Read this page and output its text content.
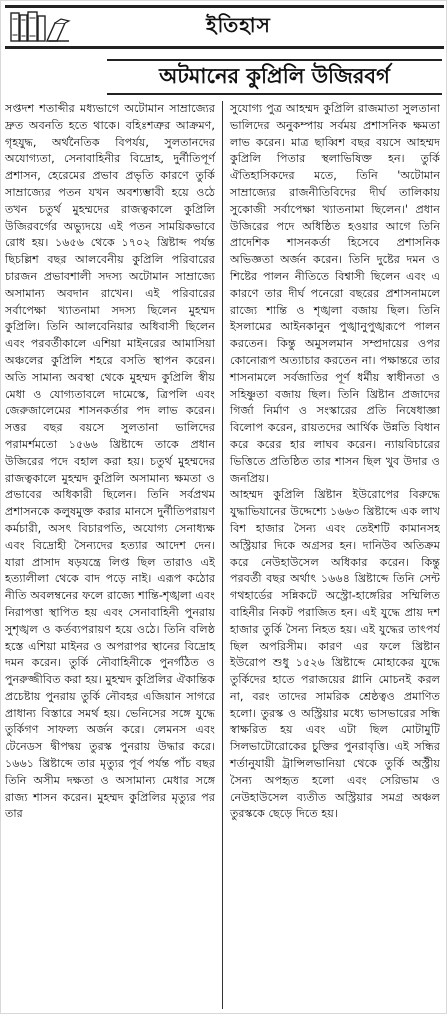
ইতিহাস
অটমানের কুপ্রিলি উজিরবর্গ

সপ্তদশ শতাব্দীর মধ্যভাগে অটোমান সাম্রাজ্যের দ্রুত অবনতি হতে থাকে। বহিঃশত্রুর আক্রমণ, গৃহযুদ্ধ, অর্থনৈতিক বিপর্যয়, সুলতানদের অযোগ্যতা, সেনাবাহিনীর বিদ্রোহ, দুর্নীতিপূর্ণ প্রশাসন, হেরেমের প্রভাব প্রভৃতি কারণে তুর্কি সাম্রাজ্যের পতন যখন অবশ্যম্ভাবী হয়ে ওঠে তখন চতুর্থ মুহম্মদের রাজত্বকালে কুপ্রিলি উজিরবর্গের অভ্যুদয়ে এই পতন সাময়িকভাবে রোধ হয়। ১৬৫৬ থেকে ১৭০২ খ্রিষ্টাব্দ পর্যন্ত ছিচল্লিশ বছর আলবেনীয় কুপ্রিলি পরিবারের চারজন প্রভাবশালী সদস্য অটোমান সাম্রাজ্যে অসামান্য অবদান রাখেন। এই পরিবারের সর্বাপেক্ষা খ্যাতনামা সদস্য ছিলেন মুহম্মদ কুপ্রিলি। তিনি আলবেনিয়ার অধিবাসী ছিলেন এবং পরবর্তীকালে এশিয়া মাইনরের আমাসিয়া অঞ্চলের কুপ্রিলি শহরে বসতি স্থাপন করেন। অতি সামান্য অবস্থা থেকে মুহম্মদ কুপ্রিলি স্বীয় মেধা ও যোগ্যতাবলে দামেস্কে, ত্রিপলি এবং জেরুজালেমের শাসনকর্তার পদ লাভ করেন। সত্তর বছর বয়সে সুলতানা ভালিদের পরামর্শমতো ১৫৬৬ খ্রিষ্টাব্দে তাকে প্রধান উজিরের পদে বহাল করা হয়। চতুর্থ মুহম্মদের রাজত্বকালে মুহম্মদ কুপ্রিলি অসামান্য ক্ষমতা ও প্রভাবের অধিকারী ছিলেন। তিনি সর্বপ্রথম প্রশাসনকে কলুষমুক্ত করার মানসে দুর্নীতিপরায়ণ কর্মচারী, অসৎ বিচারপতি, অযোগ্য সেনাধ্যক্ষ এবং বিদ্রোহী সৈন্যদের হত্যার আদেশ দেন। যারা প্রাসাদ ষড়যন্ত্রে লিপ্ত ছিল তারাও এই হত্যালীলা থেকে বাদ পড়ে নাই। এরূপ কঠোর নীতি অবলম্বনের ফলে রাজ্যে শান্তি-শৃঙ্খলা এবং নিরাপত্তা স্থাপিত হয় এবং সেনাবাহিনী পুনরায় সুশৃঙ্খল ও কর্তব্যপরায়ণ হয়ে ওঠে। তিনি বলিষ্ঠ হস্তে এশিয়া মাইনর ও অপরাপর স্থানের বিদ্রোহ দমন করেন। তুর্কি নৌবাহিনীকে পুনর্গঠিত ও পুনরুজ্জীবিত করা হয়। মুহম্মদ কুপ্রিলির ঐকান্তিক প্রচেষ্টায় পুনরায় তুর্কি নৌবহর এজিয়ান সাগরে প্রাধান্য বিস্তারে সমর্থ হয়। ভেনিসের সঙ্গে যুদ্ধে তুর্কিগণ সাফল্য অর্জন করে। লেমনস এবং টেনেডস দ্বীপদ্বয় তুরস্ক পুনরায় উদ্ধার করে। ১৬৬১ খ্রিষ্টাব্দে তার মৃত্যুর পূর্ব পর্যন্ত পাঁচ বছর তিনি অসীম দক্ষতা ও অসামান্য মেধার সঙ্গে রাজ্য শাসন করেন। মুহম্মদ কুপ্রিলির মৃত্যুর পর তার

সুযোগ্য পুত্র আহম্মদ কুপ্রিলি রাজমাতা সুলতানা ভালিদের অনুকম্পায় সর্বময় প্রশাসনিক ক্ষমতা লাভ করেন। মাত্র ছাব্বিশ বছর বয়সে আহম্মদ কুপ্রিলি পিতার স্থলাভিষিক্ত হন। তুর্কি ঐতিহাসিকদের মতে, তিনি 'অটোমান সাম্রাজ্যের রাজনীতিবিদের দীর্ঘ তালিকায় সুকোজী সর্বাপেক্ষা খ্যাতনামা ছিলেন।' প্রধান উজিরের পদে অধিষ্ঠিত হওয়ার আগে তিনি প্রাদেশিক শাসনকর্তা হিসেবে প্রশাসনিক অভিজ্ঞতা অর্জন করেন। তিনি দুষ্টের দমন ও শিষ্টের পালন নীতিতে বিশ্বাসী ছিলেন এবং এ কারণে তার দীর্ঘ পনেরো বছরের প্রশাসনামলে রাজ্যে শান্তি ও শৃঙ্খলা বজায় ছিল। তিনি ইসলামের আইনকানুন পুঙ্খানুপুঙ্খরূপে পালন করতেন। কিন্তু অমুসলমান সম্প্রদায়ের ওপর কোনোরূপ অত্যাচার করতেন না। পক্ষান্তরে তার শাসনামলে সর্বজাতির পূর্ণ ধর্মীয় স্বাধীনতা ও সহিষ্ণুতা বজায় ছিল। তিনি খ্রিষ্টান প্রজাদের গির্জা নির্মাণ ও সংস্কারের প্রতি নিষেধাজ্ঞা বিলোপ করেন, রায়তদের আর্থিক উন্নতি বিধান করে করের হার লাঘব করেন। ন্যায়বিচারের ভিত্তিতে প্রতিষ্ঠিত তার শাসন ছিল খুব উদার ও জনপ্রিয়।

আহম্মদ কুপ্রিলি খ্রিষ্টান ইউরোপের বিরুদ্ধে যুদ্ধাভিযানের উদ্দেশ্যে ১৬৬৩ খ্রিষ্টাব্দে এক লাখ বিশ হাজার সৈন্য এবং তেইশটি কামানসহ অস্ট্রিয়ার দিকে অগ্রসর হন। দানিউব অতিক্রম করে নেউহাউসেল অধিকার করেন। কিন্তু পরবর্তী বছর অর্থাৎ ১৬৬৪ খ্রিষ্টাব্দে তিনি সেন্ট গথহার্ডের সন্নিকটে অস্ট্রো-হাঙ্গেরির সম্মিলিত বাহিনীর নিকট পরাজিত হন। এই যুদ্ধে প্রায় দশ হাজার তুর্কি সৈন্য নিহত হয়। এই যুদ্ধের তাৎপর্য ছিল অপরিসীম। কারণ এর ফলে খ্রিষ্টান ইউরোপ শুধু ১৫২৬ খ্রিষ্টাব্দে মোহাকের যুদ্ধে তুর্কিদের হাতে পরাজয়ের গ্লানি মোচনই করল না, বরং তাদের সামরিক শ্রেষ্ঠত্বও প্রমাণিত হলো। তুরস্ক ও অস্ট্রিয়ার মধ্যে ভাসভারের সন্ধি স্বাক্ষরিত হয় এবং এটা ছিল মোটামুটি সিলভাটোরোকের চুক্তির পুনরাবৃত্তি। এই সন্ধির শর্তানুযায়ী ট্রান্সিলভানিয়া থেকে তুর্কি অস্ট্রীয় সৈন্য অপহৃত হলো এবং সেরিভাম ও নেউহাউসেল ব্যতীত অস্ট্রিয়ার সমগ্র অঞ্চল তুরস্ককে ছেড়ে দিতে হয়।
